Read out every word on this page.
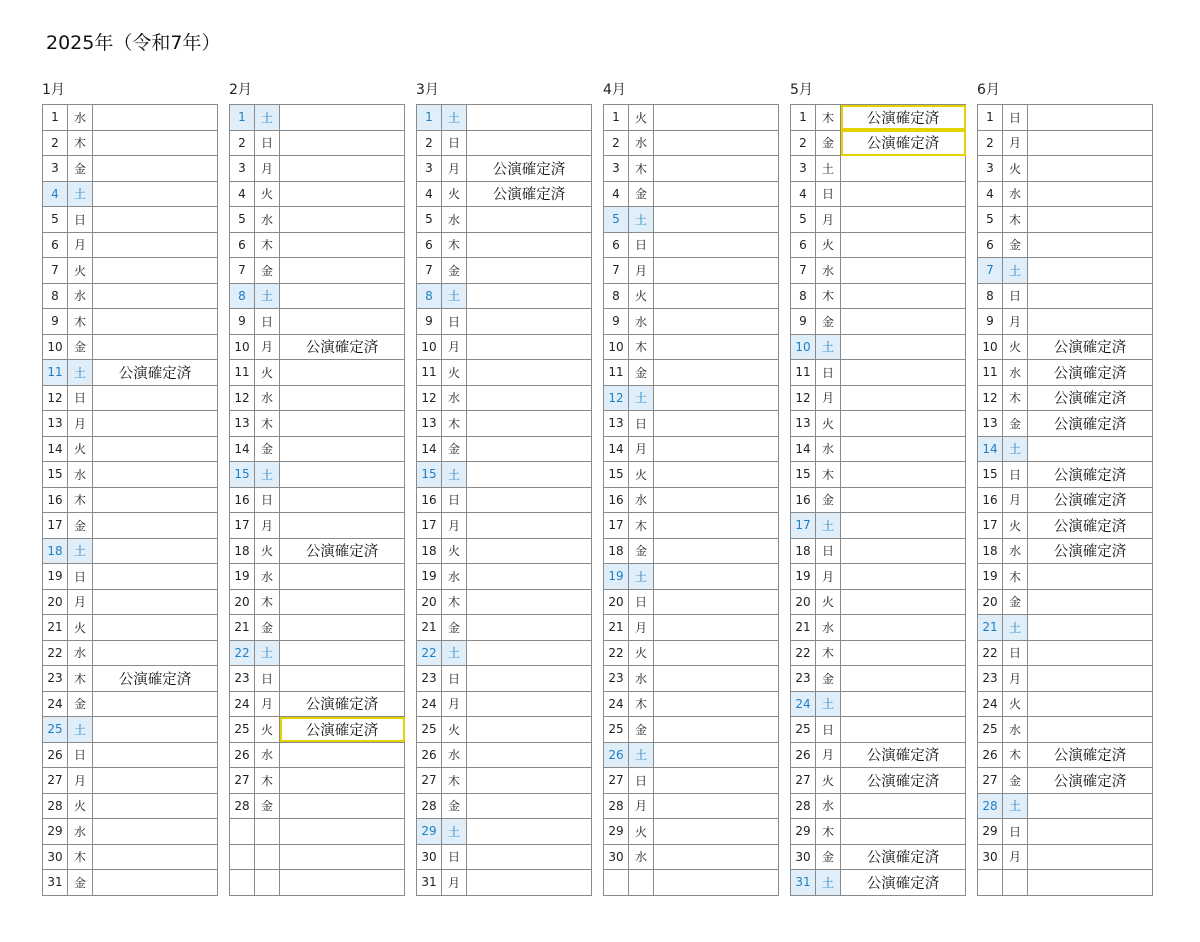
2025年（令和7年）
1月
1	水	
2	木	
3	金	
4	土	
5	日	
6	月	
7	火	
8	水	
9	木	
10	金	
11	土	公演確定済
12	日	
13	月	
14	火	
15	水	
16	木	
17	金	
18	土	
19	日	
20	月	
21	火	
22	水	
23	木	公演確定済
24	金	
25	土	
26	日	
27	月	
28	火	
29	水	
30	木	
31	金	
2月
1	土	
2	日	
3	月	
4	火	
5	水	
6	木	
7	金	
8	土	
9	日	
10	月	公演確定済
11	火	
12	水	
13	木	
14	金	
15	土	
16	日	
17	月	
18	火	公演確定済
19	水	
20	木	
21	金	
22	土	
23	日	
24	月	公演確定済
25	火	公演確定済
26	水	
27	木	
28	金	

3月
1	土	
2	日	
3	月	公演確定済
4	火	公演確定済
5	水	
6	木	
7	金	
8	土	
9	日	
10	月	
11	火	
12	水	
13	木	
14	金	
15	土	
16	日	
17	月	
18	火	
19	水	
20	木	
21	金	
22	土	
23	日	
24	月	
25	火	
26	水	
27	木	
28	金	
29	土	
30	日	
31	月	
4月
1	火	
2	水	
3	木	
4	金	
5	土	
6	日	
7	月	
8	火	
9	水	
10	木	
11	金	
12	土	
13	日	
14	月	
15	火	
16	水	
17	木	
18	金	
19	土	
20	日	
21	月	
22	火	
23	水	
24	木	
25	金	
26	土	
27	日	
28	月	
29	火	
30	水	

5月
1	木	公演確定済
2	金	公演確定済
3	土	
4	日	
5	月	
6	火	
7	水	
8	木	
9	金	
10	土	
11	日	
12	月	
13	火	
14	水	
15	木	
16	金	
17	土	
18	日	
19	月	
20	火	
21	水	
22	木	
23	金	
24	土	
25	日	
26	月	公演確定済
27	火	公演確定済
28	水	
29	木	
30	金	公演確定済
31	土	公演確定済
6月
1	日	
2	月	
3	火	
4	水	
5	木	
6	金	
7	土	
8	日	
9	月	
10	火	公演確定済
11	水	公演確定済
12	木	公演確定済
13	金	公演確定済
14	土	
15	日	公演確定済
16	月	公演確定済
17	火	公演確定済
18	水	公演確定済
19	木	
20	金	
21	土	
22	日	
23	月	
24	火	
25	水	
26	木	公演確定済
27	金	公演確定済
28	土	
29	日	
30	月	
